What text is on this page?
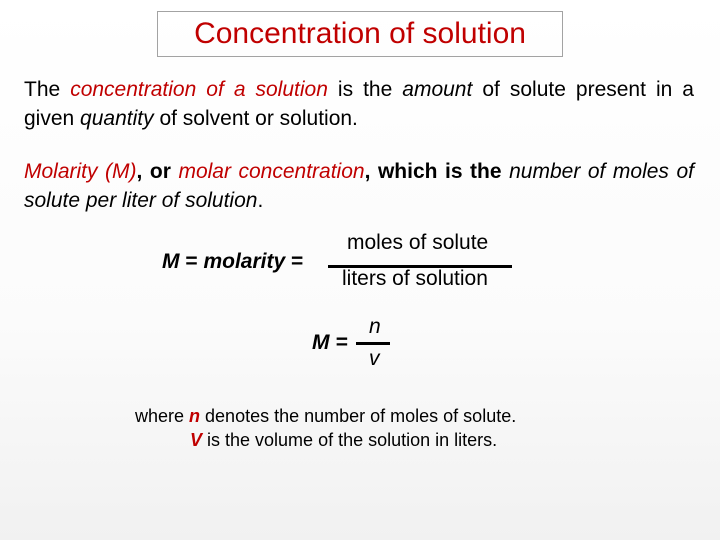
Concentration of solution
The concentration of a solution is the amount of solute present in a given quantity of solvent or solution.
Molarity (M), or molar concentration, which is the number of moles of solute per liter of solution.
M = molarity =
moles of solute
liters of solution
M =
n
v
where n denotes the number of moles of solute.
V is the volume of the solution in liters.
